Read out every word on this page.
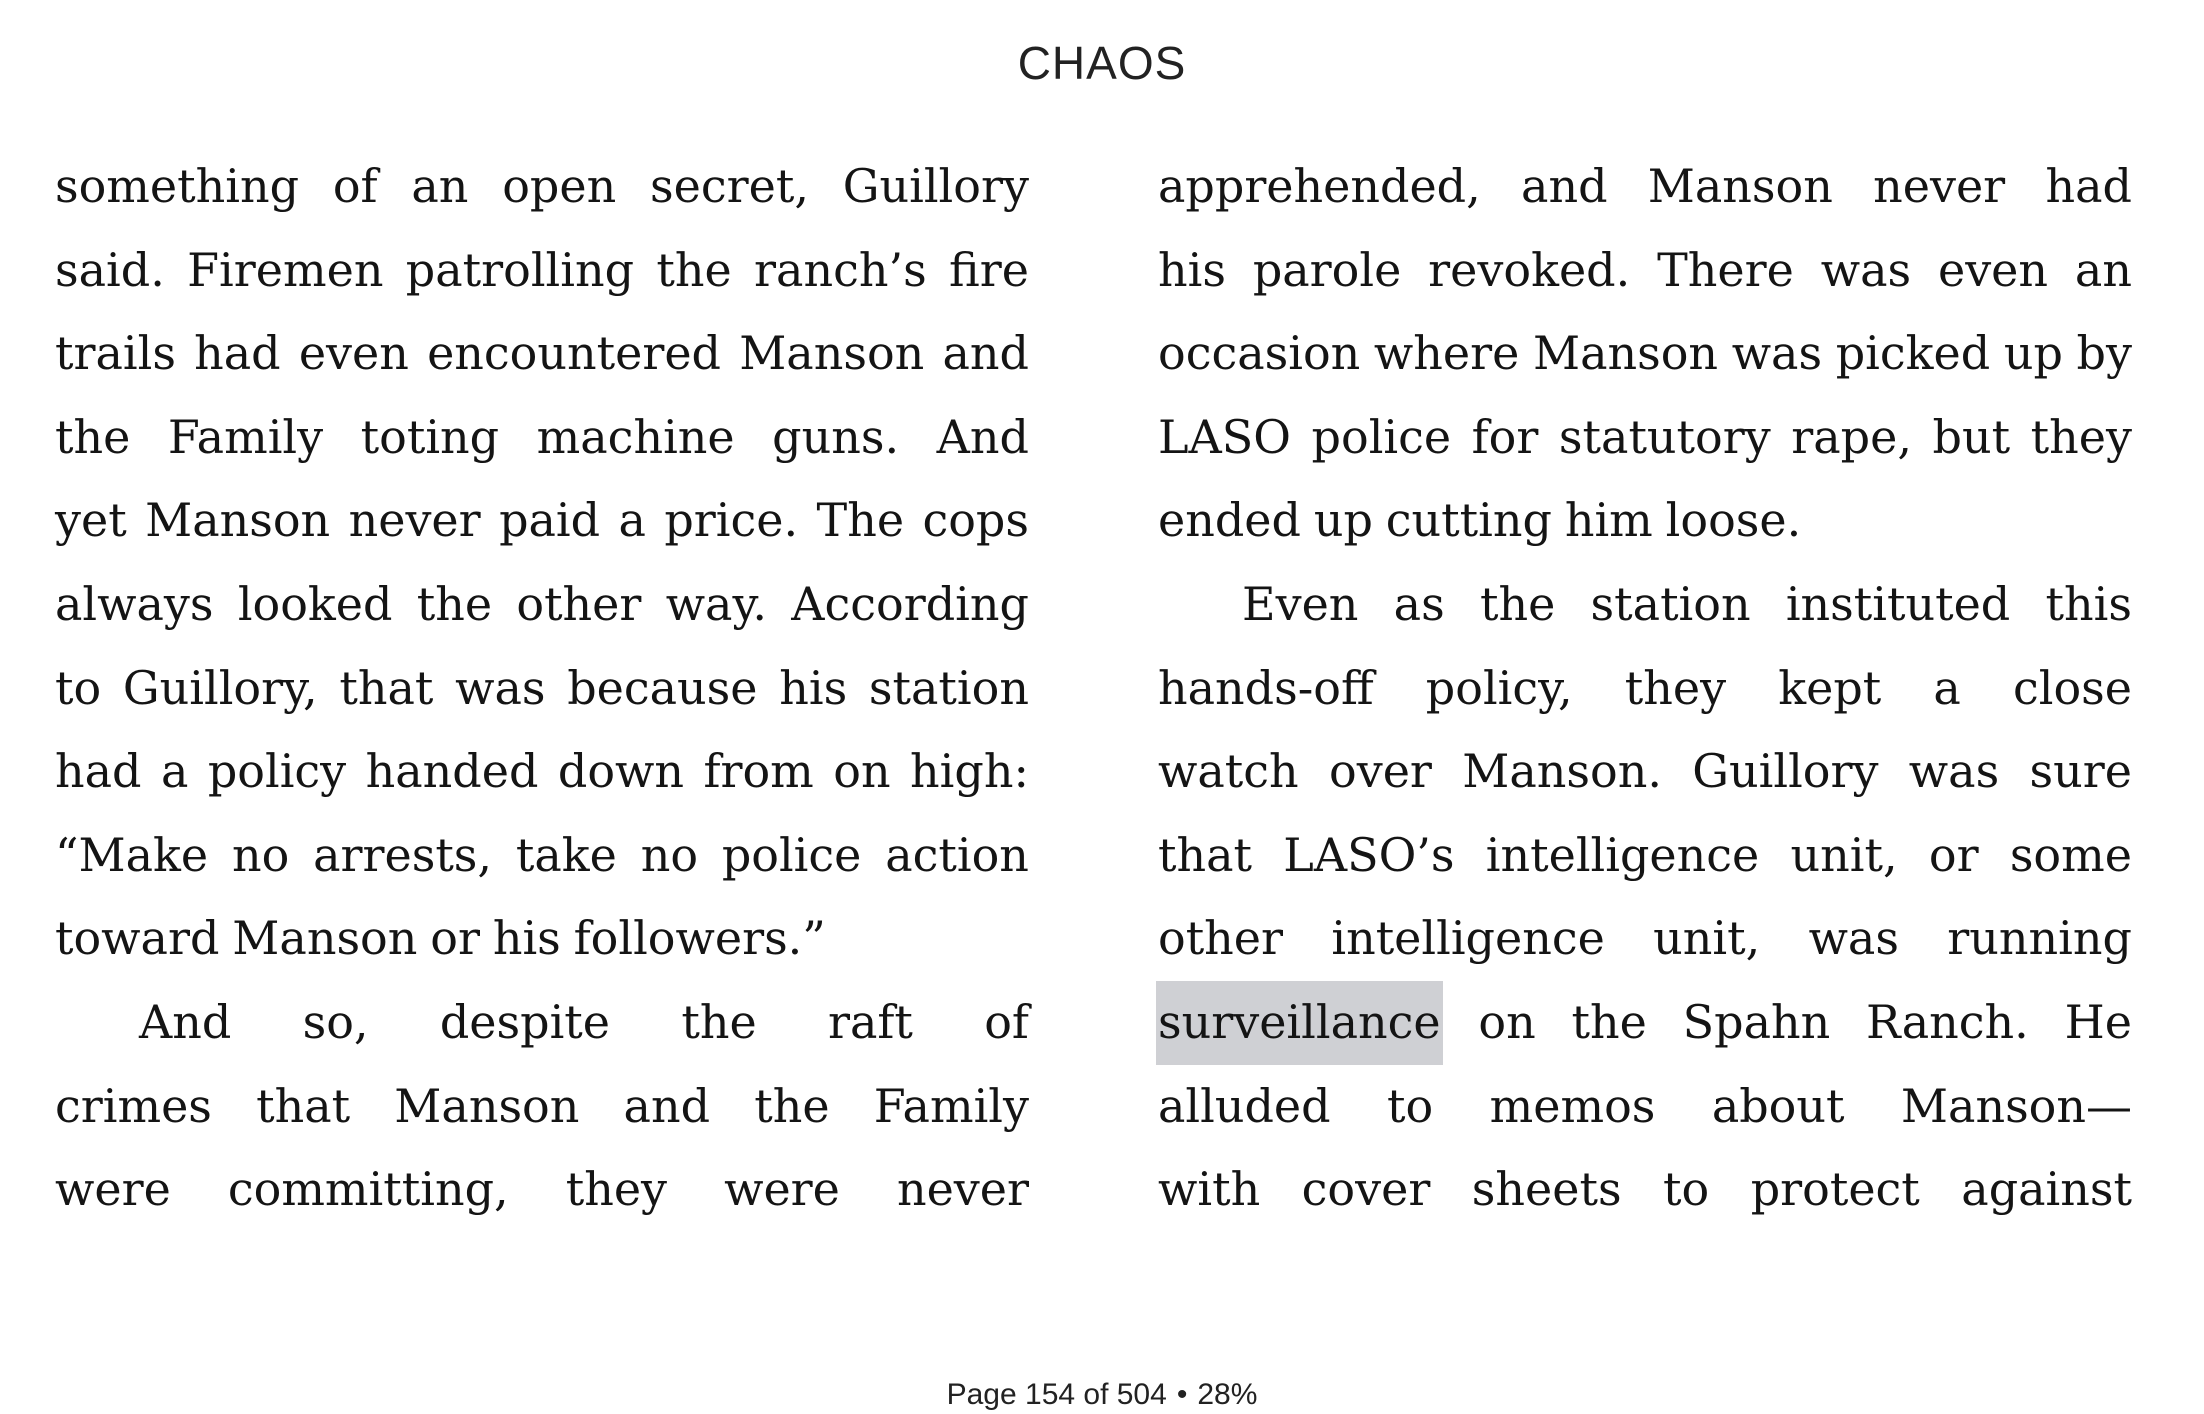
CHAOS
something of an open secret, Guillory
said. Firemen patrolling the ranch’s fire
trails had even encountered Manson and
the Family toting machine guns. And
yet Manson never paid a price. The cops
always looked the other way. According
to Guillory, that was because his station
had a policy handed down from on high:
“Make no arrests, take no police action
toward Manson or his followers.”
And so, despite the raft of
crimes that Manson and the Family
were committing, they were never
apprehended, and Manson never had
his parole revoked. There was even an
occasion where Manson was picked up by
LASO police for statutory rape, but they
ended up cutting him loose.
Even as the station instituted this
hands-off policy, they kept a close
watch over Manson. Guillory was sure
that LASO’s intelligence unit, or some
other intelligence unit, was running
surveillance on the Spahn Ranch. He
alluded to memos about Manson—
with cover sheets to protect against
Page 154 of 504 • 28%
